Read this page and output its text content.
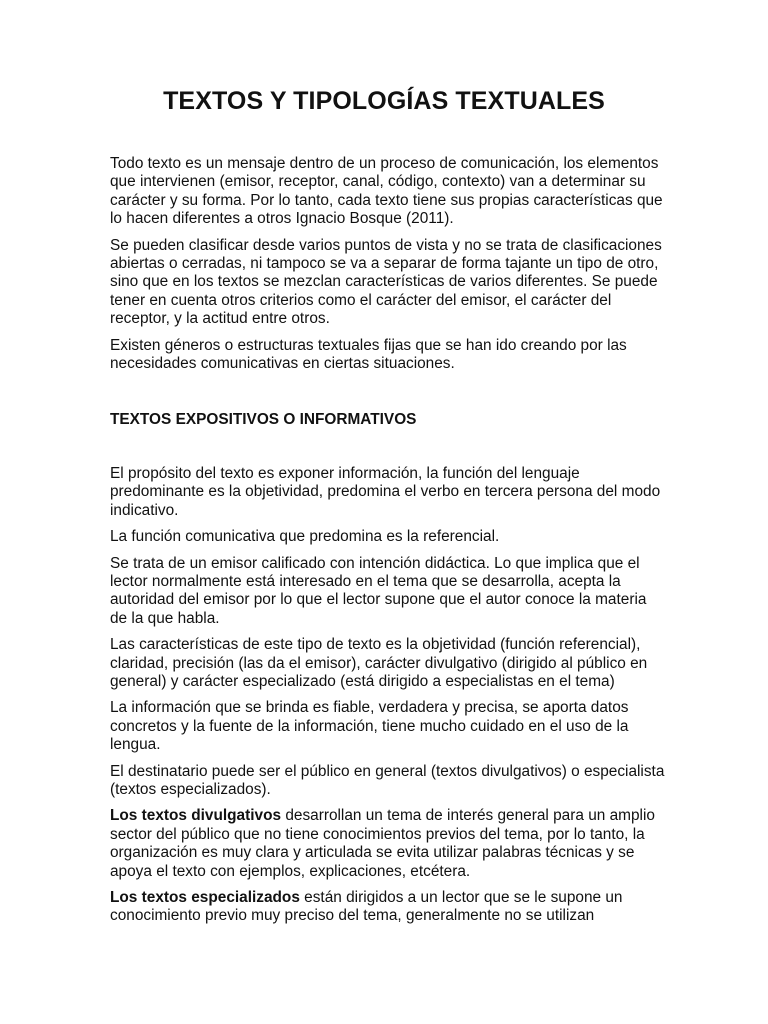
TEXTOS Y TIPOLOGÍAS TEXTUALES

Todo texto es un mensaje dentro de un proceso de comunicación, los elementos que intervienen (emisor, receptor, canal, código, contexto) van a determinar su carácter y su forma. Por lo tanto, cada texto tiene sus propias características que lo hacen diferentes a otros Ignacio Bosque (2011).

Se pueden clasificar desde varios puntos de vista y no se trata de clasificaciones abiertas o cerradas, ni tampoco se va a separar de forma tajante un tipo de otro, sino que en los textos se mezclan características de varios diferentes. Se puede tener en cuenta otros criterios como el carácter del emisor, el carácter del receptor, y la actitud entre otros.

Existen géneros o estructuras textuales fijas que se han ido creando por las necesidades comunicativas en ciertas situaciones.

TEXTOS EXPOSITIVOS O INFORMATIVOS

El propósito del texto es exponer información, la función del lenguaje predominante es la objetividad, predomina el verbo en tercera persona del modo indicativo.

La función comunicativa que predomina es la referencial.

Se trata de un emisor calificado con intención didáctica. Lo que implica que el lector normalmente está interesado en el tema que se desarrolla, acepta la autoridad del emisor por lo que el lector supone que el autor conoce la materia de la que habla.

Las características de este tipo de texto es la objetividad (función referencial), claridad, precisión (las da el emisor), carácter divulgativo (dirigido al público en general) y carácter especializado (está dirigido a especialistas en el tema)

La información que se brinda es fiable, verdadera y precisa, se aporta datos concretos y la fuente de la información, tiene mucho cuidado en el uso de la lengua.

El destinatario puede ser el público en general (textos divulgativos) o especialista (textos especializados).

Los textos divulgativos desarrollan un tema de interés general para un amplio sector del público que no tiene conocimientos previos del tema, por lo tanto, la organización es muy clara y articulada se evita utilizar palabras técnicas y se apoya el texto con ejemplos, explicaciones, etcétera.

Los textos especializados están dirigidos a un lector que se le supone un conocimiento previo muy preciso del tema, generalmente no se utilizan
